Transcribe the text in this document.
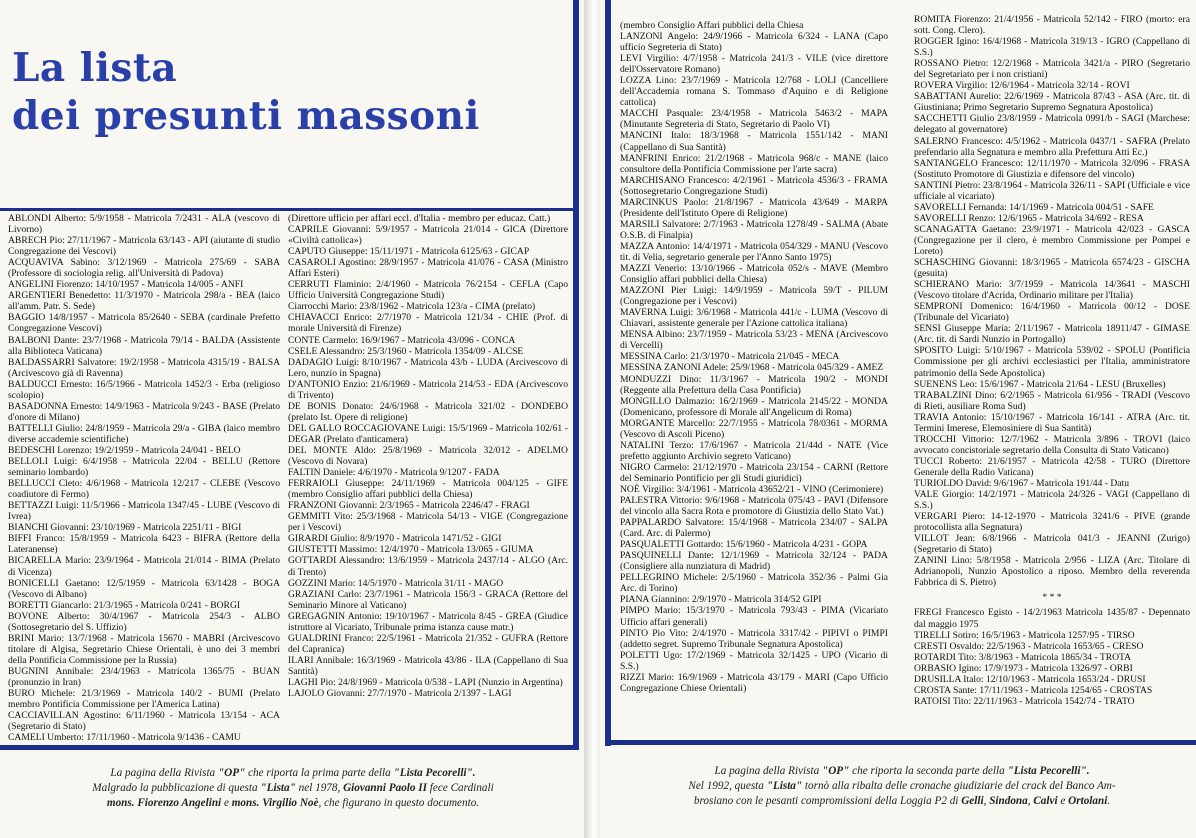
La lista
dei presunti massoni
ABLONDI Alberto: 5/9/1958 - Matricola 7/2431 - ALA (vescovo di Livorno)
ABRECH Pio: 27/11/1967 - Matricola 63/143 - API (aiutante di studio Congregazione dei Vescovi)
ACQUAVIVA Sabino: 3/12/1969 - Matricola 275/69 - SABA (Professore di sociologia relig. all'Università di Padova)
ANGELINI Fiorenzo: 14/10/1957 - Matricola 14/005 - ANFI
ARGENTIERI Benedetto: 11/3/1970 - Matricola 298/a - BEA (laico all'amm. Patr. S. Sede)
BAGGIO 14/8/1957 - Matricola 85/2640 - SEBA (cardinale Prefetto Congregazione Vescovi)
BALBONI Dante: 23/7/1968 - Matricola 79/14 - BALDA (Assistente alla Biblioteca Vaticana)
BALDASSARRI Salvatore: 19/2/1958 - Matricola 4315/19 - BALSA (Arcivescovo già di Ravenna)
BALDUCCI Ernesto: 16/5/1966 - Matricola 1452/3 - Erba (religioso scolopio)
BASADONNA Ernesto: 14/9/1963 - Matricola 9/243 - BASE (Prelato d'onore di Milano)
BATTELLI Giulio: 24/8/1959 - Matricola 29/a - GIBA (laico membro diverse accademie scientifiche)
BEDESCHI Lorenzo: 19/2/1959 - Matricola 24/041 - BELO
BELLOLI Luigi: 6/4/1958 - Matricola 22/04 - BELLU (Rettore seminario lombardo)
BELLUCCI Cleto: 4/6/1968 - Matricola 12/217 - CLEBE (Vescovo coadiutore di Fermo)
BETTAZZI Luigi: 11/5/1966 - Matricola 1347/45 - LUBE (Vescovo di Ivrea)
BIANCHI Giovanni: 23/10/1969 - Matricola 2251/11 - BIGI
BIFFI Franco: 15/8/1959 - Matricola 6423 - BIFRA (Rettore della Lateranense)
BICARELLA Mario: 23/9/1964 - Matricola 21/014 - BIMA (Prelato di Vicenza)
BONICELLI Gaetano: 12/5/1959 - Matricola 63/1428 - BOGA (Vescovo di Albano)
BORETTI Giancarlo: 21/3/1965 - Matricola 0/241 - BORGI
BOVONE Alberto: 30/4/1967 - Matricola 254/3 - ALBO (Sottosegretario del S. Uffizio)
BRINI Mario: 13/7/1968 - Matricola 15670 - MABRI (Arcivescovo titolare di Algisa, Segretario Chiese Orientali, è uno dei 3 membri della Pontificia Commissione per la Russia)
BUGNINI Annibale: 23/4/1963 - Matricola 1365/75 - BUAN (pronunzio in Iran)
BURO Michele: 21/3/1969 - Matricola 140/2 - BUMI (Prelato membro Pontificia Commissione per l'America Latina)
CACCIAVILLAN Agostino: 6/11/1960 - Matricola 13/154 - ACA (Segretario di Stato)
CAMELI Umberto: 17/11/1960 - Matricola 9/1436 - CAMU
(Direttore ufficio per affari eccl. d'Italia - membro per educaz. Catt.)
CAPRILE Giovanni: 5/9/1957 - Matricola 21/014 - GICA (Direttore «Civiltà cattolica»)
CAPUTO Giuseppe: 15/11/1971 - Matricola 6125/63 - GICAP
CASAROLI Agostino: 28/9/1957 - Matricola 41/076 - CASA (Ministro Affari Esteri)
CERRUTI Flaminio: 2/4/1960 - Matricola 76/2154 - CEFLA (Capo Ufficio Università Congregazione Studi)
Ciarrocchi Mario: 23/8/1962 - Matricola 123/a - CIMA (prelato)
CHIAVACCI Enrico: 2/7/1970 - Matricola 121/34 - CHIE (Prof. di morale Università di Firenze)
CONTE Carmelo: 16/9/1967 - Matricola 43/096 - CONCA
CSELE Alessandro: 25/3/1960 - Matricola 1354/09 - ALCSE
DADAGIO Luigi: 8/10/1967 - Matricola 43/b - LUDA (Arcivescovo di Lero, nunzio in Spagna)
D'ANTONIO Enzio: 21/6/1969 - Matricola 214/53 - EDA (Arcivescovo di Trivento)
DE BONIS Donato: 24/6/1968 - Matricola 321/02 - DONDEBO (prelato Ist. Opere di religione)
DEL GALLO ROCCAGIOVANE Luigi: 15/5/1969 - Matricola 102/61 - DEGAR (Prelato d'anticamera)
DEL MONTE Aldo: 25/8/1969 - Matricola 32/012 - ADELMO (Vescovo di Novara)
FALTIN Daniele: 4/6/1970 - Matricola 9/1207 - FADA
FERRAIOLI Giuseppe: 24/11/1969 - Matricola 004/125 - GIFE (membro Consiglio affari pubblici della Chiesa)
FRANZONI Giovanni: 2/3/1965 - Matricola 2246/47 - FRAGI
GEMMITI Vito: 25/3/1968 - Matricola 54/13 - VIGE (Congregazione per i Vescovi)
GIRARDI Giulio: 8/9/1970 - Matricola 1471/52 - GIGI
GIUSTETTI Massimo: 12/4/1970 - Matricola 13/065 - GIUMA
GOTTARDI Alessandro: 13/6/1959 - Matricola 2437/14 - ALGO (Arc. di Trento)
GOZZINI Mario: 14/5/1970 - Matricola 31/11 - MAGO
GRAZIANI Carlo: 23/7/1961 - Matricola 156/3 - GRACA (Rettore del Seminario Minore al Vaticano)
GREGAGNIN Antonio: 19/10/1967 - Matricola 8/45 - GREA (Giudice istruttore al Vicariato, Tribunale prima istanza cause matr.)
GUALDRINI Franco: 22/5/1961 - Matricola 21/352 - GUFRA (Rettore del Capranica)
ILARI Annibale: 16/3/1969 - Matricola 43/86 - ILA (Cappellano di Sua Santità)
LAGHI Pio: 24/8/1969 - Matricola 0/538 - LAPI (Nunzio in Argentina)
LAJOLO Giovanni: 27/7/1970 - Matricola 2/1397 - LAGI
La pagina della Rivista "OP" che riporta la prima parte della "Lista Pecorelli".
Malgrado la pubblicazione di questa "Lista" nel 1978, Giovanni Paolo II fece Cardinali
mons. Fiorenzo Angelini e mons. Virgilio Noè, che figurano in questo documento.
(membro Consiglio Affari pubblici della Chiesa
LANZONI Angelo: 24/9/1966 - Matricola 6/324 - LANA (Capo ufficio Segreteria di Stato)
LEVI Virgilio: 4/7/1958 - Matricola 241/3 - VILE (vice direttore dell'Osservatore Romano)
LOZZA Lino: 23/7/1969 - Matricola 12/768 - LOLI (Cancelliere dell'Accademia romana S. Tommaso d'Aquino e di Religione cattolica)
MACCHI Pasquale: 23/4/1958 - Matricola 5463/2 - MAPA (Minutante Segreteria di Stato, Segretario di Paolo VI)
MANCINI Italo: 18/3/1968 - Matricola 1551/142 - MANI (Cappellano di Sua Santità)
MANFRINI Enrico: 21/2/1968 - Matricola 968/c - MANE (laico consultore della Pontificia Commissione per l'arte sacra)
MARCHISANO Francesco: 4/2/1961 - Matricola 4536/3 - FRAMA (Sottosegretario Congregazione Studi)
MARCINKUS Paolo: 21/8/1967 - Matricola 43/649 - MARPA (Presidente dell'Istituto Opere di Religione)
MARSILI Salvatore: 2/7/1963 - Matricola 1278/49 - SALMA (Abate O.S.B. di Finalpia)
MAZZA Antonio: 14/4/1971 - Matricola 054/329 - MANU (Vescovo tit. di Velia, segretario generale per l'Anno Santo 1975)
MAZZI Venerio: 13/10/1966 - Matricola 052/s - MAVE (Membro Consiglio affari pubblici della Chiesa)
MAZZONI Pier Luigi: 14/9/1959 - Matricola 59/T - PILUM (Congregazione per i Vescovi)
MAVERNA Luigi: 3/6/1968 - Matricola 441/c - LUMA (Vescovo di Chiavari, assistente generale per l'Azione cattolica italiana)
MENSA Albino: 23/7/1959 - Matricola 53/23 - MENA (Arcivescovo di Vercelli)
MESSINA Carlo: 21/3/1970 - Matricola 21/045 - MECA
MESSINA ZANONI Adele: 25/9/1968 - Matricola 045/329 - AMEZ
MONDUZZI Dino: 11/3/1967 - Matricola 190/2 - MONDI (Reggente alla Prefettura della Casa Pontificia)
MONGILLO Dalmazio: 16/2/1969 - Matricola 2145/22 - MONDA (Domenicano, professore di Morale all'Angelicum di Roma)
MORGANTE Marcello: 22/7/1955 - Matricola 78/0361 - MORMA (Vescovo di Ascoli Piceno)
NATALINI Terzo: 17/6/1967 - Matricola 21/44d - NATE (Vice prefetto aggiunto Archivio segreto Vaticano)
NIGRO Carmelo: 21/12/1970 - Matricola 23/154 - CARNI (Rettore del Seminario Pontificio per gli Studi giuridici)
NOÈ Virgilio: 3/4/1961 - Matricola 43652/21 - VINO (Cerimoniere)
PALESTRA Vittorio: 9/6/1968 - Matricola 075/43 - PAVI (Difensore del vincolo alla Sacra Rota e promotore di Giustizia dello Stato Vat.)
PAPPALARDO Salvatore: 15/4/1968 - Matricola 234/07 - SALPA (Card. Arc. di Palermo)
PASQUALETTI Gottardo: 15/6/1960 - Matricola 4/231 - GOPA
PASQUINELLI Dante: 12/1/1969 - Matricola 32/124 - PADA (Consigliere alla nunziatura di Madrid)
PELLEGRINO Michele: 2/5/1960 - Matricola 352/36 - Palmi Gia Arc. di Torino)
PIANA Giannino: 2/9/1970 - Matricola 314/52 GIPI
PIMPO Mario: 15/3/1970 - Matricola 793/43 - PIMA (Vicariato Ufficio affari generali)
PINTO Pio Vito: 2/4/1970 - Matricola 3317/42 - PIPIVI o PIMPI (addetto segret. Supremo Tribunale Segnatura Apostolica)
POLETTI Ugo: 17/2/1969 - Matricola 32/1425 - UPO (Vicario di S.S.)
RIZZI Mario: 16/9/1969 - Matricola 43/179 - MARI (Capo Ufficio Congregazione Chiese Orientali)
ROMITA Fiorenzo: 21/4/1956 - Matricola 52/142 - FIRO (morto: era sott. Cong. Clero).
ROGGER Igino: 16/4/1968 - Matricola 319/13 - IGRO (Cappellano di S.S.)
ROSSANO Pietro: 12/2/1968 - Matricola 3421/a - PIRO (Segretario del Segretariato per i non cristiani)
ROVERA Virgilio: 12/6/1964 - Matricola 32/14 - ROVI
SABATTANI Aurelio: 22/6/1969 - Matricola 87/43 - ASA (Arc. tit. di Giustiniana; Primo Segretario Supremo Segnatura Apostolica)
SACCHETTI Giulio 23/8/1959 - Matricola 0991/b - SAGI (Marchese: delegato al governatore)
SALERNO Francesco: 4/5/1962 - Matricola 0437/1 - SAFRA (Prelato prefendario alla Segnatura e membro alla Prefettura Atti Ec.)
SANTANGELO Francesco: 12/11/1970 - Matricola 32/096 - FRASA (Sostituto Promotore di Giustizia e difensore del vincolo)
SANTINI Pietro: 23/8/1964 - Matricola 326/11 - SAPI (Ufficiale e vice ufficiale al vicariato)
SAVORELLI Fernanda: 14/1/1969 - Matricola 004/51 - SAFE
SAVORELLI Renzo: 12/6/1965 - Matricola 34/692 - RESA
SCANAGATTA Gaetano: 23/9/1971 - Matricola 42/023 - GASCA (Congregazione per il clero, è membro Commissione per Pompei e Loreto)
SCHASCHING Giovanni: 18/3/1965 - Matricola 6574/23 - GISCHA (gesuita)
SCHIERANO Mario: 3/7/1959 - Matricola 14/3641 - MASCHI (Vescovo titolare d'Acrida, Ordinario militare per l'Italia)
SEMPRONI Domenico: 16/4/1960 - Matricola 00/12 - DOSE (Tribunale del Vicariato)
SENSI Giuseppe Maria: 2/11/1967 - Matricola 18911/47 - GIMASE (Arc. tit. di Sardi Nunzio in Portogallo)
SPOSITO Luigi: 5/10/1967 - Matricola 539/02 - SPOLU (Pontificia Commissione per gli archivi ecclesiastici per l'Italia, amministratore patrimonio della Sede Apostolica)
SUENENS Leo: 15/6/1967 - Matricola 21/64 - LESU (Bruxelles)
TRABALZINI Dino: 6/2/1965 - Matricola 61/956 - TRADI (Vescovo di Rieti, ausiliare Roma Sud)
TRAVIA Antonio: 15/10/1967 - Matricola 16/141 - ATRA (Arc. tit. Termini Imerese, Elemosiniere di Sua Santità)
TROCCHI Vittorio: 12/7/1962 - Matricola 3/896 - TROVI (laico avvocato concistoriale segretario della Consulta di Stato Vaticano)
TUCCI Roberto: 21/6/1957 - Matricola 42/58 - TURO (Direttore Generale della Radio Vaticana)
TURIOLDO David: 9/6/1967 - Matricola 191/44 - Datu
VALE Giorgio: 14/2/1971 - Matricola 24/326 - VAGI (Cappellano di S.S.)
VERGARI Piero: 14-12-1970 - Matricola 3241/6 - PIVE (grande protocollista alla Segnatura)
VILLOT Jean: 6/8/1966 - Matricola 041/3 - JEANNI (Zurigo) (Segretario di Stato)
ZANINI Lino: 5/8/1958 - Matricola 2/956 - LIZA (Arc. Titolare di Adrianopoli, Nunzio Apostolico a riposo. Membro della reverenda Fabbrica di S. Pietro)
* * *
FREGI Francesco Egisto - 14/2/1963 Matricola 1435/87 - Depennato dal maggio 1975
TIRELLI Sotiro: 16/5/1963 - Matricola 1257/95 - TIRSO
CRESTI Osvaldo: 22/5/1963 - Matricola 1653/65 - CRESO
ROTARDI Tito: 3/8/1963 - Matricola 1865/34 - TROTA
ORBASIO Igino: 17/9/1973 - Matricola 1326/97 - ORBI
DRUSILLA Italo: 12/10/1963 - Matricola 1653/24 - DRUSI
CROSTA Sante: 17/11/1963 - Matricola 1254/65 - CROSTAS
RATOISI Tito: 22/11/1963 - Matricola 1542/74 - TRATO
La pagina della Rivista "OP" che riporta la seconda parte della "Lista Pecorelli".
Nel 1992, questa "Lista" tornò alla ribalta delle cronache giudiziarie del crack del Banco Am-
brosiano con le pesanti compromissioni della Loggia P2 di Gelli, Sindona, Calvi e Ortolani.
